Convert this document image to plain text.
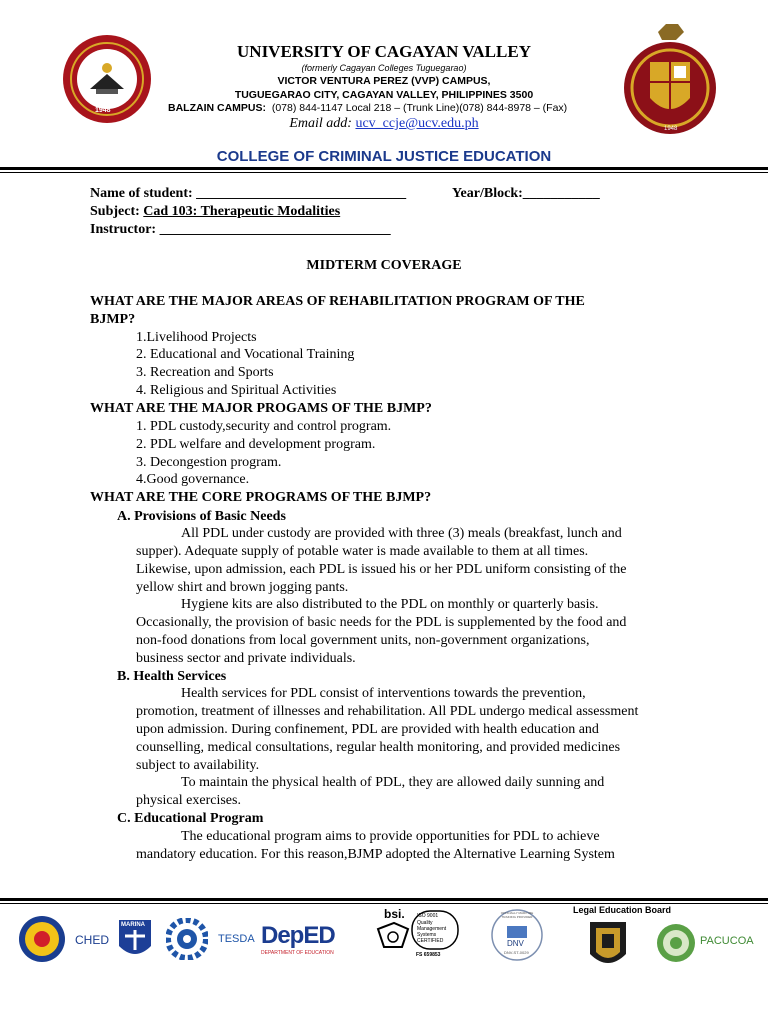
1948
1948
UNIVERSITY OF CAGAYAN VALLEY
(formerly Cagayan Colleges Tuguegarao)
VICTOR VENTURA PEREZ (VVP) CAMPUS,
TUGUEGARAO CITY, CAGAYAN VALLEY, PHILIPPINES 3500
BALZAIN CAMPUS: (078) 844-1147 Local 218 – (Trunk Line)(078) 844-8978 – (Fax)
Email add: ucv_ccje@ucv.edu.ph
COLLEGE OF CRIMINAL JUSTICE EDUCATION
Name of student: ______________________________	Year/Block:___________
Subject: Cad 103: Therapeutic Modalities
Instructor: _________________________________
MIDTERM COVERAGE
WHAT ARE THE MAJOR AREAS OF REHABILITATION PROGRAM OF THE
BJMP?
1.Livelihood Projects
2. Educational and Vocational Training
3. Recreation and Sports
4. Religious and Spiritual Activities
WHAT ARE THE MAJOR PROGAMS OF THE BJMP?
1. PDL custody,security and control program.
2. PDL welfare and development program.
3. Decongestion program.
4.Good governance.
WHAT ARE THE CORE PROGRAMS OF THE BJMP?
A. Provisions of Basic Needs
All PDL under custody are provided with three (3) meals (breakfast, lunch and
supper). Adequate supply of potable water is made available to them at all times.
Likewise, upon admission, each PDL is issued his or her PDL uniform consisting of the
yellow shirt and brown jogging pants.
Hygiene kits are also distributed to the PDL on monthly or quarterly basis.
Occasionally, the provision of basic needs for the PDL is supplemented by the food and
non-food donations from local government units, non-government organizations,
business sector and private individuals.
B. Health Services
Health services for PDL consist of interventions towards the prevention,
promotion, treatment of illnesses and rehabilitation. All PDL undergo medical assessment
upon admission. During confinement, PDL are provided with health education and
counselling, medical consultations, regular health monitoring, and provided medicines
subject to availability.
To maintain the physical health of PDL, they are allowed daily sunning and
physical exercises.
C. Educational Program
The educational program aims to provide opportunities for PDL to achieve
mandatory education. For this reason,BJMP adopted the Alternative Learning System
CHED
MARINA
TESDA DepED
DEPARTMENT OF EDUCATION
bsi. ISO 9001
Quality
Management
Systems
CERTIFIED
FS 659853
OFFICIALLY MARITIME TRAINING PROVIDER
DNV
DNV-ST-0029
Legal Education Board
PACUCOA
